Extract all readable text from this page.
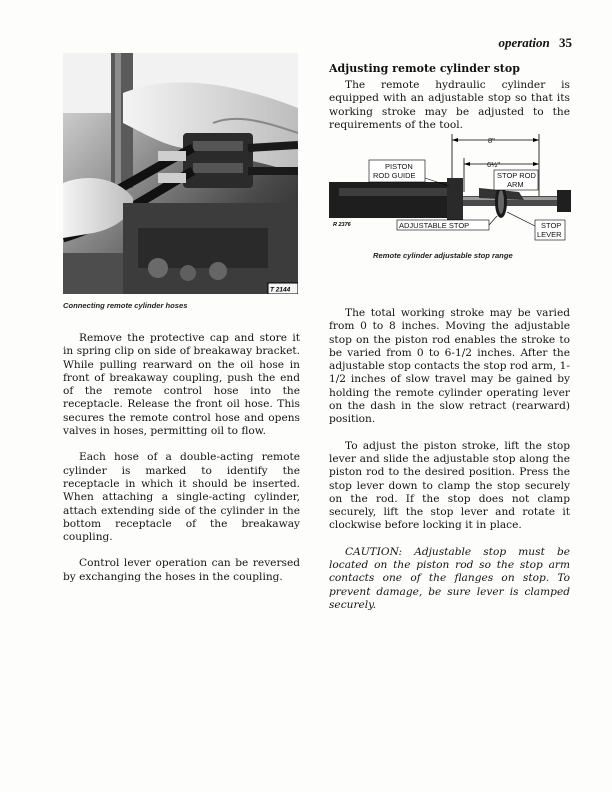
operation 35
T 2144
Connecting remote cylinder hoses

Remove the protective cap and store it in spring clip on side of breakaway bracket. While pulling rearward on the oil hose in front of breakaway coupling, push the end of the remote control hose into the receptacle. Release the front oil hose. This secures the remote control hose and opens valves in hoses, permitting oil to flow.

Each hose of a double-acting remote cylinder is marked to identify the receptacle in which it should be inserted. When attaching a single-acting cylinder, attach extending side of the cylinder in the bottom receptacle of the breakaway coupling.

Control lever operation can be reversed by exchanging the hoses in the coupling.

Adjusting remote cylinder stop

The remote hydraulic cylinder is equipped with an adjustable stop so that its working stroke may be adjusted to the requirements of the tool.

8"
6½"
PISTON
ROD GUIDE	STOP ROD
ARM
ADJUSTABLE STOP	STOP
LEVER
R 2376
Remote cylinder adjustable stop range

The total working stroke may be varied from 0 to 8 inches. Moving the adjustable stop on the piston rod enables the stroke to be varied from 0 to 6-1/2 inches. After the adjustable stop contacts the stop rod arm, 1-1/2 inches of slow travel may be gained by holding the remote cylinder operating lever on the dash in the slow retract (rearward) position.

To adjust the piston stroke, lift the stop lever and slide the adjustable stop along the piston rod to the desired position. Press the stop lever down to clamp the stop securely on the rod. If the stop does not clamp securely, lift the stop lever and rotate it clockwise before locking it in place.

CAUTION: Adjustable stop must be located on the piston rod so the stop arm contacts one of the flanges on stop. To prevent damage, be sure lever is clamped securely.
